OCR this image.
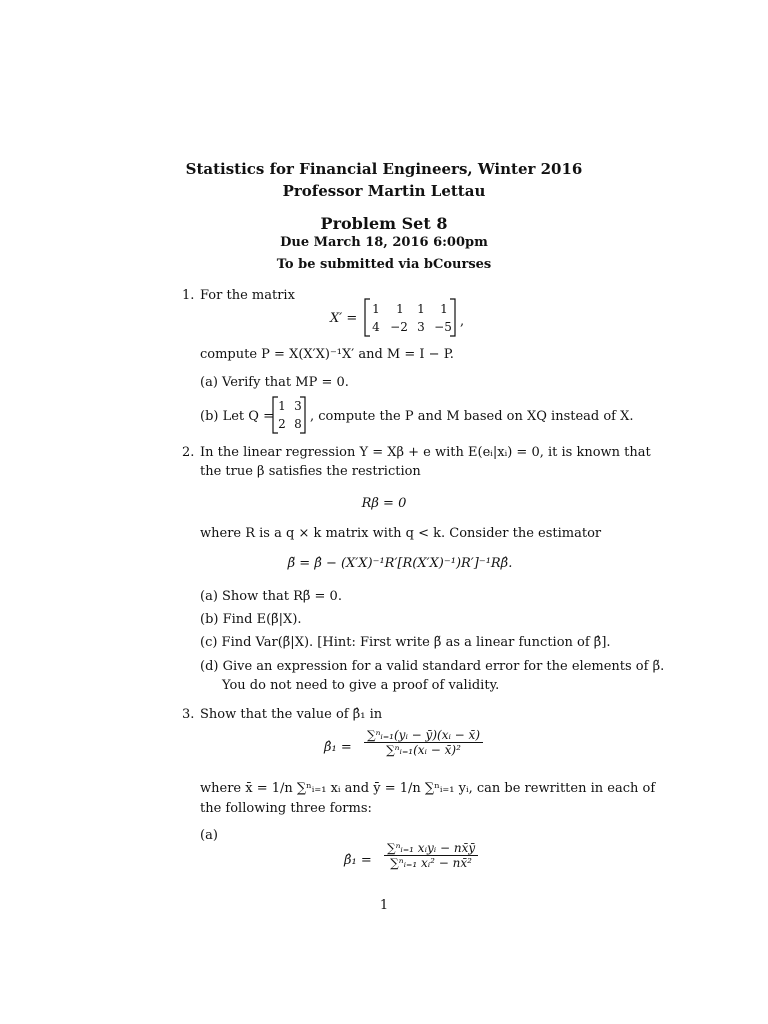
Statistics for Financial Engineers, Winter 2016
Professor Martin Lettau
Problem Set 8
Due March 18, 2016 6:00pm
To be submitted via bCourses
1. For the matrix
X′ =
1	1	1	1
4 −2 3 −5 ,
compute P = X(X′X)⁻¹X′ and M = I − P.
(a) Verify that MP = 0.
(b) Let Q =
1 3
2 8 , compute the P and M based on XQ instead of X.
2. In the linear regression Y = Xβ + e with E(eᵢ|xᵢ) = 0, it is known that
the true β satisfies the restriction
Rβ = 0
where R is a q × k matrix with q < k. Consider the estimator
β̃ = β̂ − (X′X)⁻¹R′[R(X′X)⁻¹)R′]⁻¹Rβ̂.
(a) Show that Rβ̃ = 0.
(b) Find E(β̃|X).
(c) Find Var(β̃|X). [Hint: First write β̃ as a linear function of β̂].
(d) Give an expression for a valid standard error for the elements of β̃.
You do not need to give a proof of validity.
3. Show that the value of β̂₁ in
β̂₁ = $\frac{\text{∑ⁿᵢ₌₁(yᵢ − ȳ)(xᵢ − x̄)}}{\text{∑ⁿᵢ₌₁(xᵢ − x̄)²}}$
where x̄ = 1/n ∑ⁿᵢ₌₁ xᵢ and ȳ = 1/n ∑ⁿᵢ₌₁ yᵢ, can be rewritten in each of
the following three forms:
(a)
β̂₁ = $\frac{\text{∑ⁿᵢ₌₁ xᵢyᵢ − nx̄ȳ}}{\text{∑ⁿᵢ₌₁ xᵢ² − nx̄²}}$
1
